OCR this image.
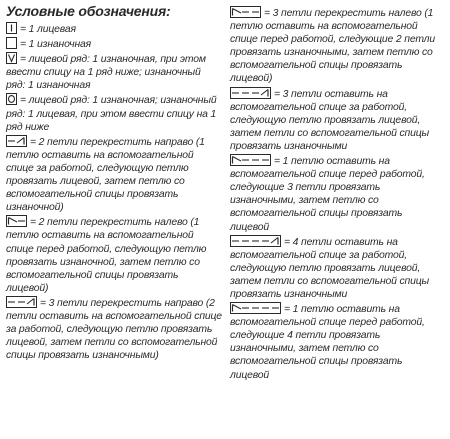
Условные обозначения:
= 1 лицевая
= 1 изнаночная
= лицевой ряд: 1 изнаночная, при этом ввести спицу на 1 ряд ниже; изнаночный ряд: 1 изнаночная
= лицевой ряд: 1 изнаночная; изнаночный ряд: 1 лицевая, при этом ввести спицу на 1 ряд ниже
= 2 петли перекрестить направо (1 петлю оставить на вспомогательной спице за работой, следующую петлю провязать лицевой, затем петлю со вспомогательной спицы провязать изнаночной)
= 2 петли перекрестить налево (1 петлю оставить на вспомогательной спице перед работой, следующую петлю провязать изнаночной, затем петлю со вспомогательной спицы провязать лицевой)
= 3 петли перекрестить направо (2 петли оставить на вспомогательной спице за работой, следующую петлю провязать лицевой, затем петли со вспомогательной спицы провязать изнаночными)
= 3 петли перекрестить налево (1 петлю оставить на вспомогательной спице перед работой, следующие 2 петли провязать изнаночными, затем петлю со вспомогательной спицы провязать лицевой)
= 3 петли оставить на вспомогательной спице за работой, следующую петлю провязать лицевой, затем петли со вспомогательной спицы провязать изнаночными
= 1 петлю оставить на вспомогательной спице перед работой, следующие 3 петли провязать изнаночными, затем петлю со вспомогательной спицы провязать лицевой
= 4 петли оставить на вспомогательной спице за работой, следующую петлю провязать лицевой, затем петли со вспомогательной спицы провязать изнаночными
= 1 петлю оставить на вспомогательной спице перед работой, следующие 4 петли провязать изнаночными, затем петлю со вспомогательной спицы провязать лицевой
